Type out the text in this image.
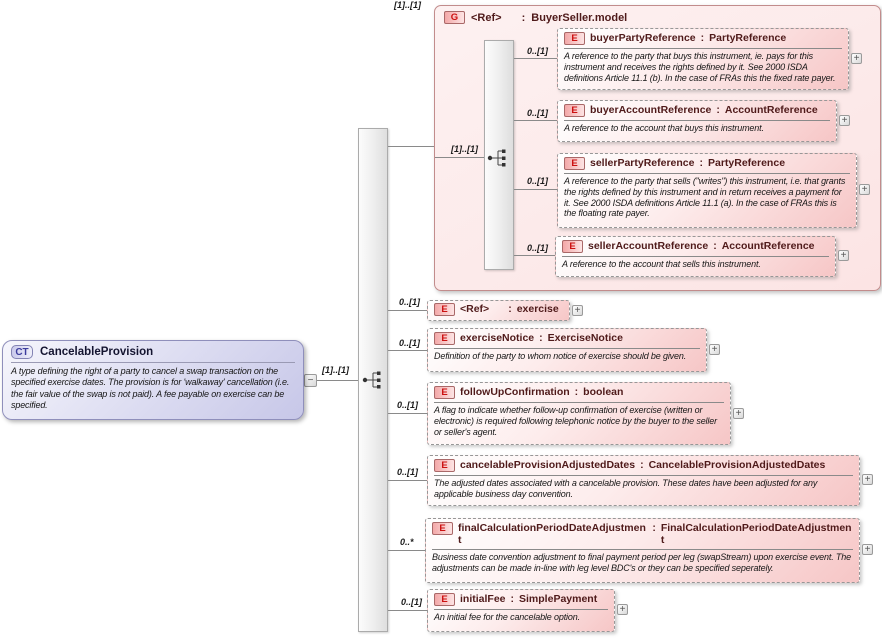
G	<Ref> : BuyerSeller.model
−
[1]..[1]
[1]..[1]
[1]..[1]
CT CancelableProvision
A type defining the right of a party to cancel a swap transaction on the specified exercise dates. The provision is for 'walkaway' cancellation (i.e. the fair value of the swap is not paid). A fee payable on exercise can be specified.
0..[1]
E	buyerPartyReference : PartyReference
A reference to the party that buys this instrument, ie. pays for this instrument and receives the rights defined by it. See 2000 ISDA definitions Article 11.1 (b). In the case of FRAs this the fixed rate payer.
+
0..[1]	E	buyerAccountReference : AccountReference
A reference to the account that buys this instrument.
+
0..[1]
E	sellerPartyReference : PartyReference
A reference to the party that sells ("writes") this instrument, i.e. that grants the rights defined by this instrument and in return receives a payment for it. See 2000 ISDA definitions Article 11.1 (a). In the case of FRAs this is the floating rate payer.
+
0..[1]	E	sellerAccountReference : AccountReference
A reference to the account that sells this instrument.
+
0..[1]
E	<Ref> : exercise +
0..[1]	E	exerciseNotice : ExerciseNotice
Definition of the party to whom notice of exercise should be given.
+
0..[1]
E	followUpConfirmation : boolean
A flag to indicate whether follow-up confirmation of exercise (written or electronic) is required following telephonic notice by the buyer to the seller or seller's agent.
+
0..[1]
E	cancelableProvisionAdjustedDates : CancelableProvisionAdjustedDates
The adjusted dates associated with a cancelable provision. These dates have been adjusted for any applicable business day convention.
+
0..*
E	finalCalculationPeriodDateAdjustment
: FinalCalculationPeriodDateAdjustment
Business date convention adjustment to final payment period per leg (swapStream) upon exercise event. The adjustments can be made in-line with leg level BDC's or they can be specified seperately.
+
0..[1]	E	initialFee : SimplePayment
An initial fee for the cancelable option.
+
